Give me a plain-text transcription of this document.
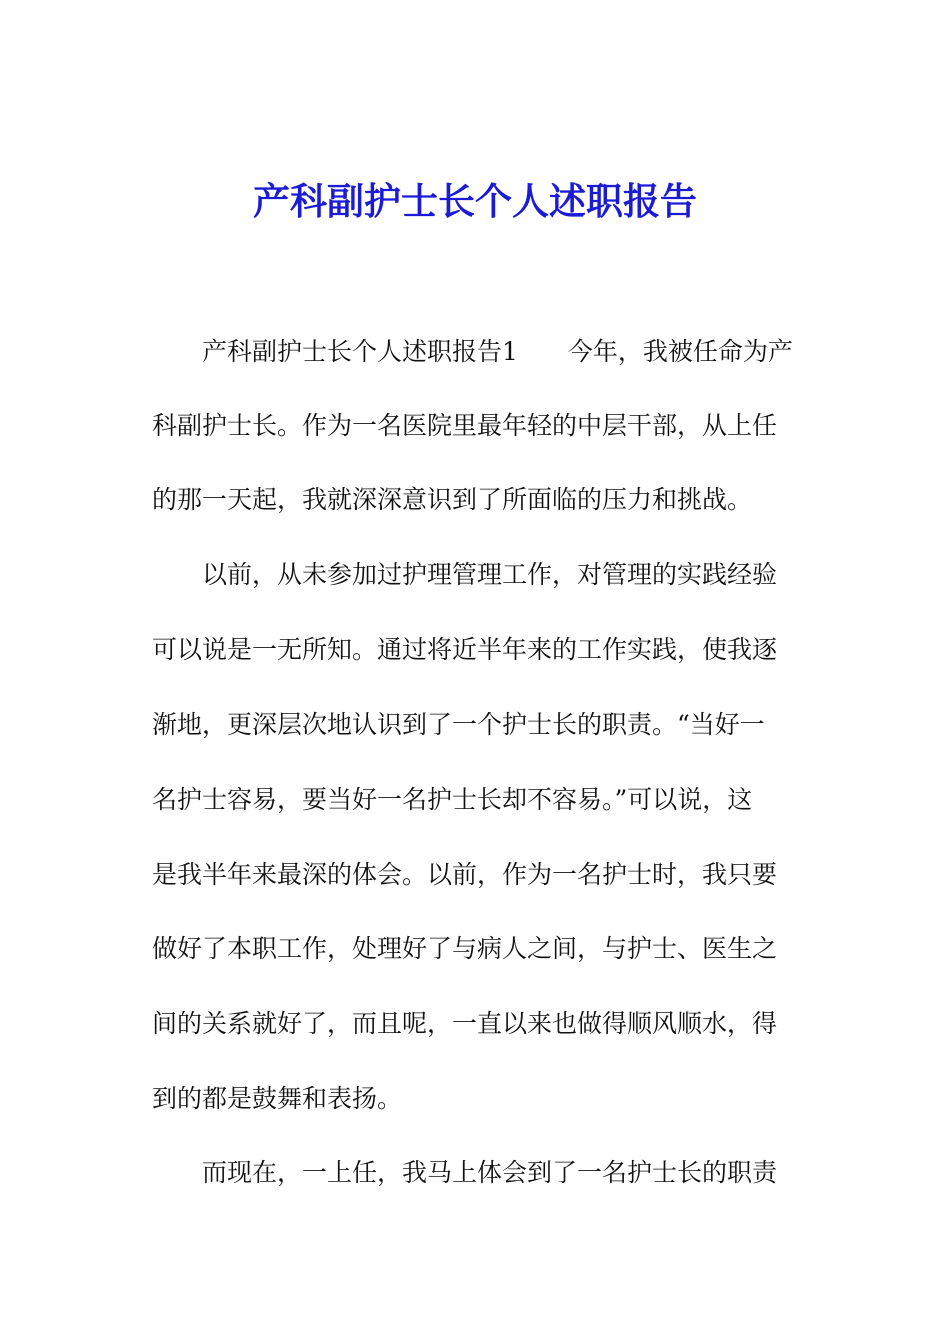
产科副护士长个人述职报告

产科副护士长个人述职报告1　　今年，我被任命为产

科副护士长。作为一名医院里最年轻的中层干部，从上任

的那一天起，我就深深意识到了所面临的压力和挑战。

以前，从未参加过护理管理工作，对管理的实践经验

可以说是一无所知。通过将近半年来的工作实践，使我逐

渐地，更深层次地认识到了一个护士长的职责。“当好一

名护士容易，要当好一名护士长却不容易。”可以说，这

是我半年来最深的体会。以前，作为一名护士时，我只要

做好了本职工作，处理好了与病人之间，与护士、医生之

间的关系就好了，而且呢，一直以来也做得顺风顺水，得

到的都是鼓舞和表扬。

而现在，一上任，我马上体会到了一名护士长的职责
